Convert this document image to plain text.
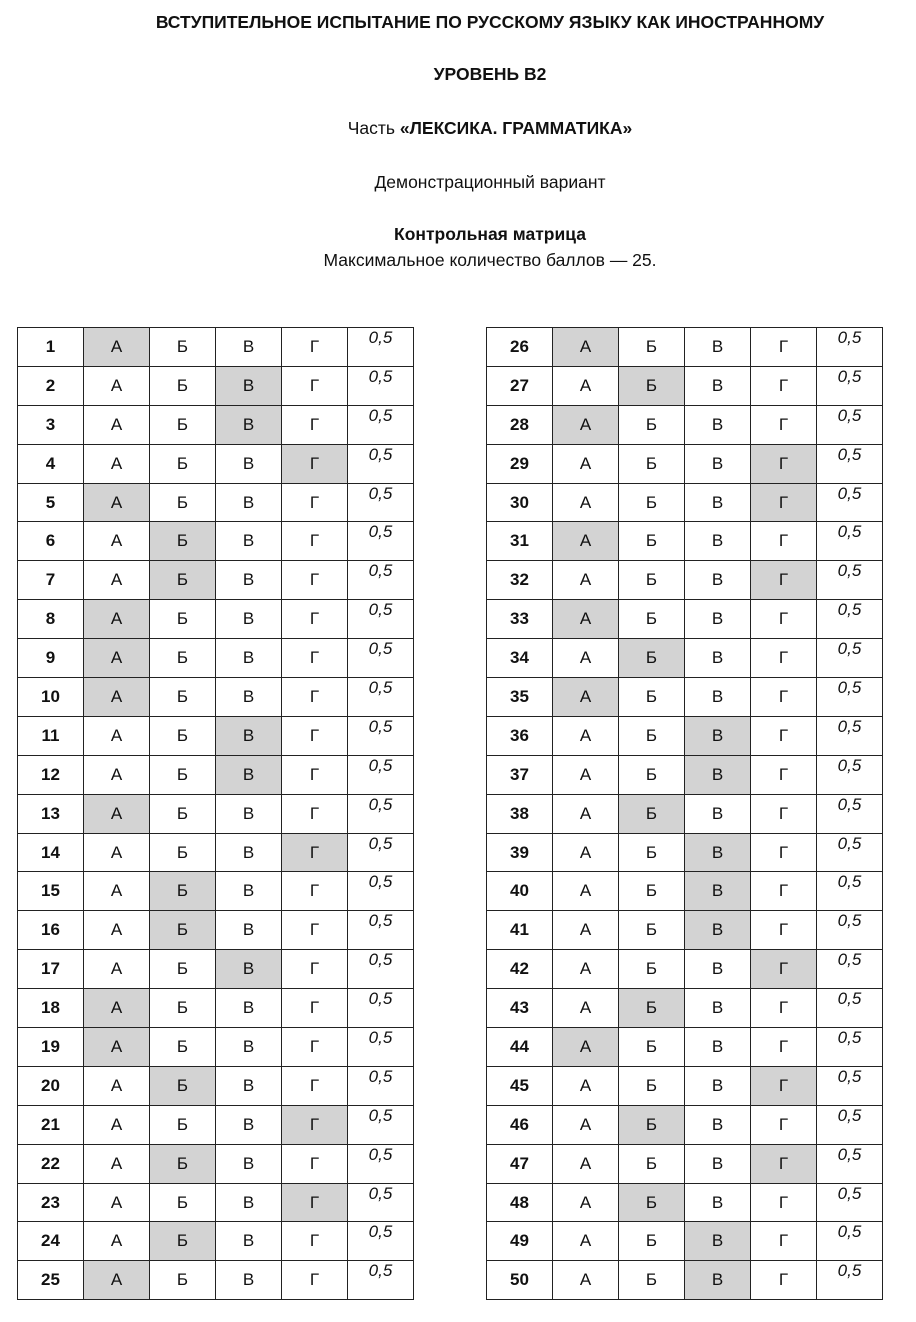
ВСТУПИТЕЛЬНОЕ ИСПЫТАНИЕ ПО РУССКОМУ ЯЗЫКУ КАК ИНОСТРАННОМУ
УРОВЕНЬ В2
Часть «ЛЕКСИКА. ГРАММАТИКА»
Демонстрационный вариант
Контрольная матрица
Максимальное количество баллов — 25.
1	А	Б	В	Г	0,5
2	А	Б	В	Г	0,5
3	А	Б	В	Г	0,5
4	А	Б	В	Г	0,5
5	А	Б	В	Г	0,5
6	А	Б	В	Г	0,5
7	А	Б	В	Г	0,5
8	А	Б	В	Г	0,5
9	А	Б	В	Г	0,5
10	А	Б	В	Г	0,5
11	А	Б	В	Г	0,5
12	А	Б	В	Г	0,5
13	А	Б	В	Г	0,5
14	А	Б	В	Г	0,5
15	А	Б	В	Г	0,5
16	А	Б	В	Г	0,5
17	А	Б	В	Г	0,5
18	А	Б	В	Г	0,5
19	А	Б	В	Г	0,5
20	А	Б	В	Г	0,5
21	А	Б	В	Г	0,5
22	А	Б	В	Г	0,5
23	А	Б	В	Г	0,5
24	А	Б	В	Г	0,5
25	А	Б	В	Г	0,5
26	А	Б	В	Г	0,5
27	А	Б	В	Г	0,5
28	А	Б	В	Г	0,5
29	А	Б	В	Г	0,5
30	А	Б	В	Г	0,5
31	А	Б	В	Г	0,5
32	А	Б	В	Г	0,5
33	А	Б	В	Г	0,5
34	А	Б	В	Г	0,5
35	А	Б	В	Г	0,5
36	А	Б	В	Г	0,5
37	А	Б	В	Г	0,5
38	А	Б	В	Г	0,5
39	А	Б	В	Г	0,5
40	А	Б	В	Г	0,5
41	А	Б	В	Г	0,5
42	А	Б	В	Г	0,5
43	А	Б	В	Г	0,5
44	А	Б	В	Г	0,5
45	А	Б	В	Г	0,5
46	А	Б	В	Г	0,5
47	А	Б	В	Г	0,5
48	А	Б	В	Г	0,5
49	А	Б	В	Г	0,5
50	А	Б	В	Г	0,5
